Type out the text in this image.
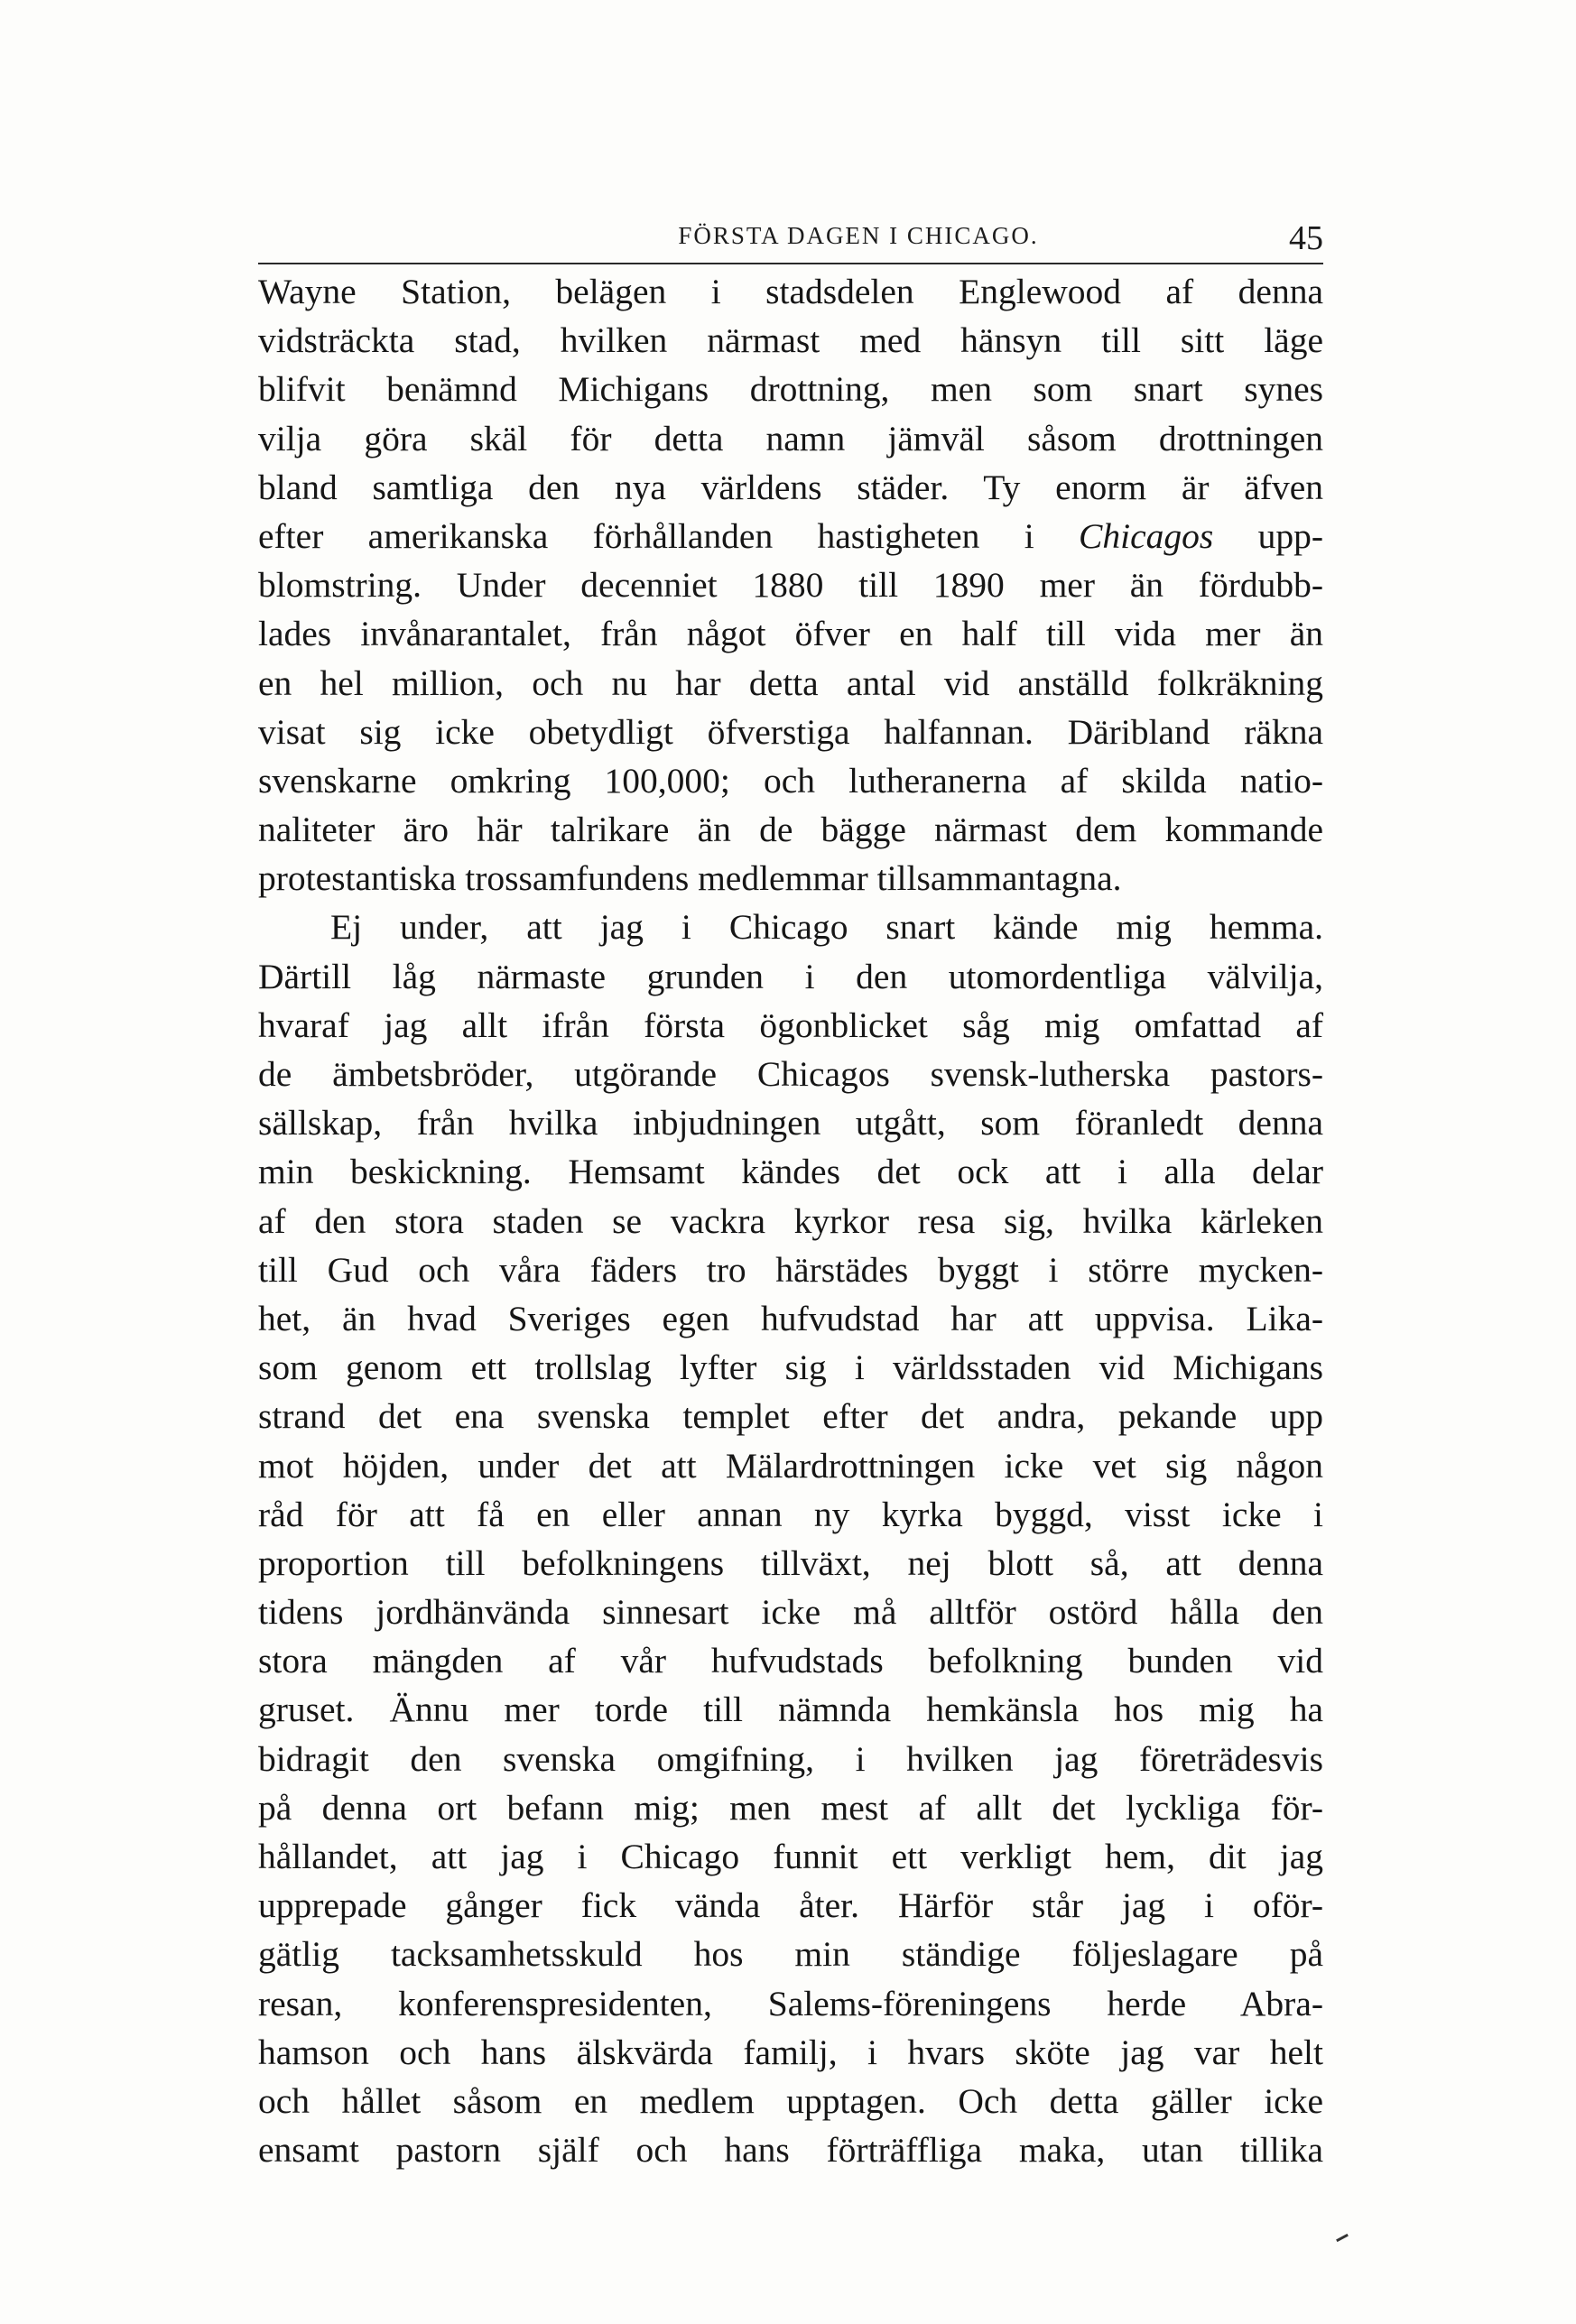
FÖRSTA DAGEN I CHICAGO.	45
Wayne Station, belägen i stadsdelen Englewood af denna
vidsträckta stad, hvilken närmast med hänsyn till sitt läge
blifvit benämnd Michigans drottning, men som snart synes
vilja göra skäl för detta namn jämväl såsom drottningen
bland samtliga den nya världens städer. Ty enorm är äfven
efter amerikanska förhållanden hastigheten i Chicagos upp-
blomstring. Under decenniet 1880 till 1890 mer än fördubb-
lades invånarantalet, från något öfver en half till vida mer än
en hel million, och nu har detta antal vid anställd folkräkning
visat sig icke obetydligt öfverstiga halfannan. Däribland räkna
svenskarne omkring 100,000; och lutheranerna af skilda natio-
naliteter äro här talrikare än de bägge närmast dem kommande
protestantiska trossamfundens medlemmar tillsammantagna.
Ej under, att jag i Chicago snart kände mig hemma.
Därtill låg närmaste grunden i den utomordentliga välvilja,
hvaraf jag allt ifrån första ögonblicket såg mig omfattad af
de ämbetsbröder, utgörande Chicagos svensk-lutherska pastors-
sällskap, från hvilka inbjudningen utgått, som föranledt denna
min beskickning. Hemsamt kändes det ock att i alla delar
af den stora staden se vackra kyrkor resa sig, hvilka kärleken
till Gud och våra fäders tro härstädes byggt i större mycken-
het, än hvad Sveriges egen hufvudstad har att uppvisa. Lika-
som genom ett trollslag lyfter sig i världsstaden vid Michigans
strand det ena svenska templet efter det andra, pekande upp
mot höjden, under det att Mälardrottningen icke vet sig någon
råd för att få en eller annan ny kyrka byggd, visst icke i
proportion till befolkningens tillväxt, nej blott så, att denna
tidens jordhänvända sinnesart icke må alltför ostörd hålla den
stora mängden af vår hufvudstads befolkning bunden vid
gruset. Ännu mer torde till nämnda hemkänsla hos mig ha
bidragit den svenska omgifning, i hvilken jag företrädesvis
på denna ort befann mig; men mest af allt det lyckliga för-
hållandet, att jag i Chicago funnit ett verkligt hem, dit jag
upprepade gånger fick vända åter. Härför står jag i oför-
gätlig tacksamhetsskuld hos min ständige följeslagare på
resan, konferenspresidenten, Salems-föreningens herde Abra-
hamson och hans älskvärda familj, i hvars sköte jag var helt
och hållet såsom en medlem upptagen. Och detta gäller icke
ensamt pastorn själf och hans förträffliga maka, utan tillika
